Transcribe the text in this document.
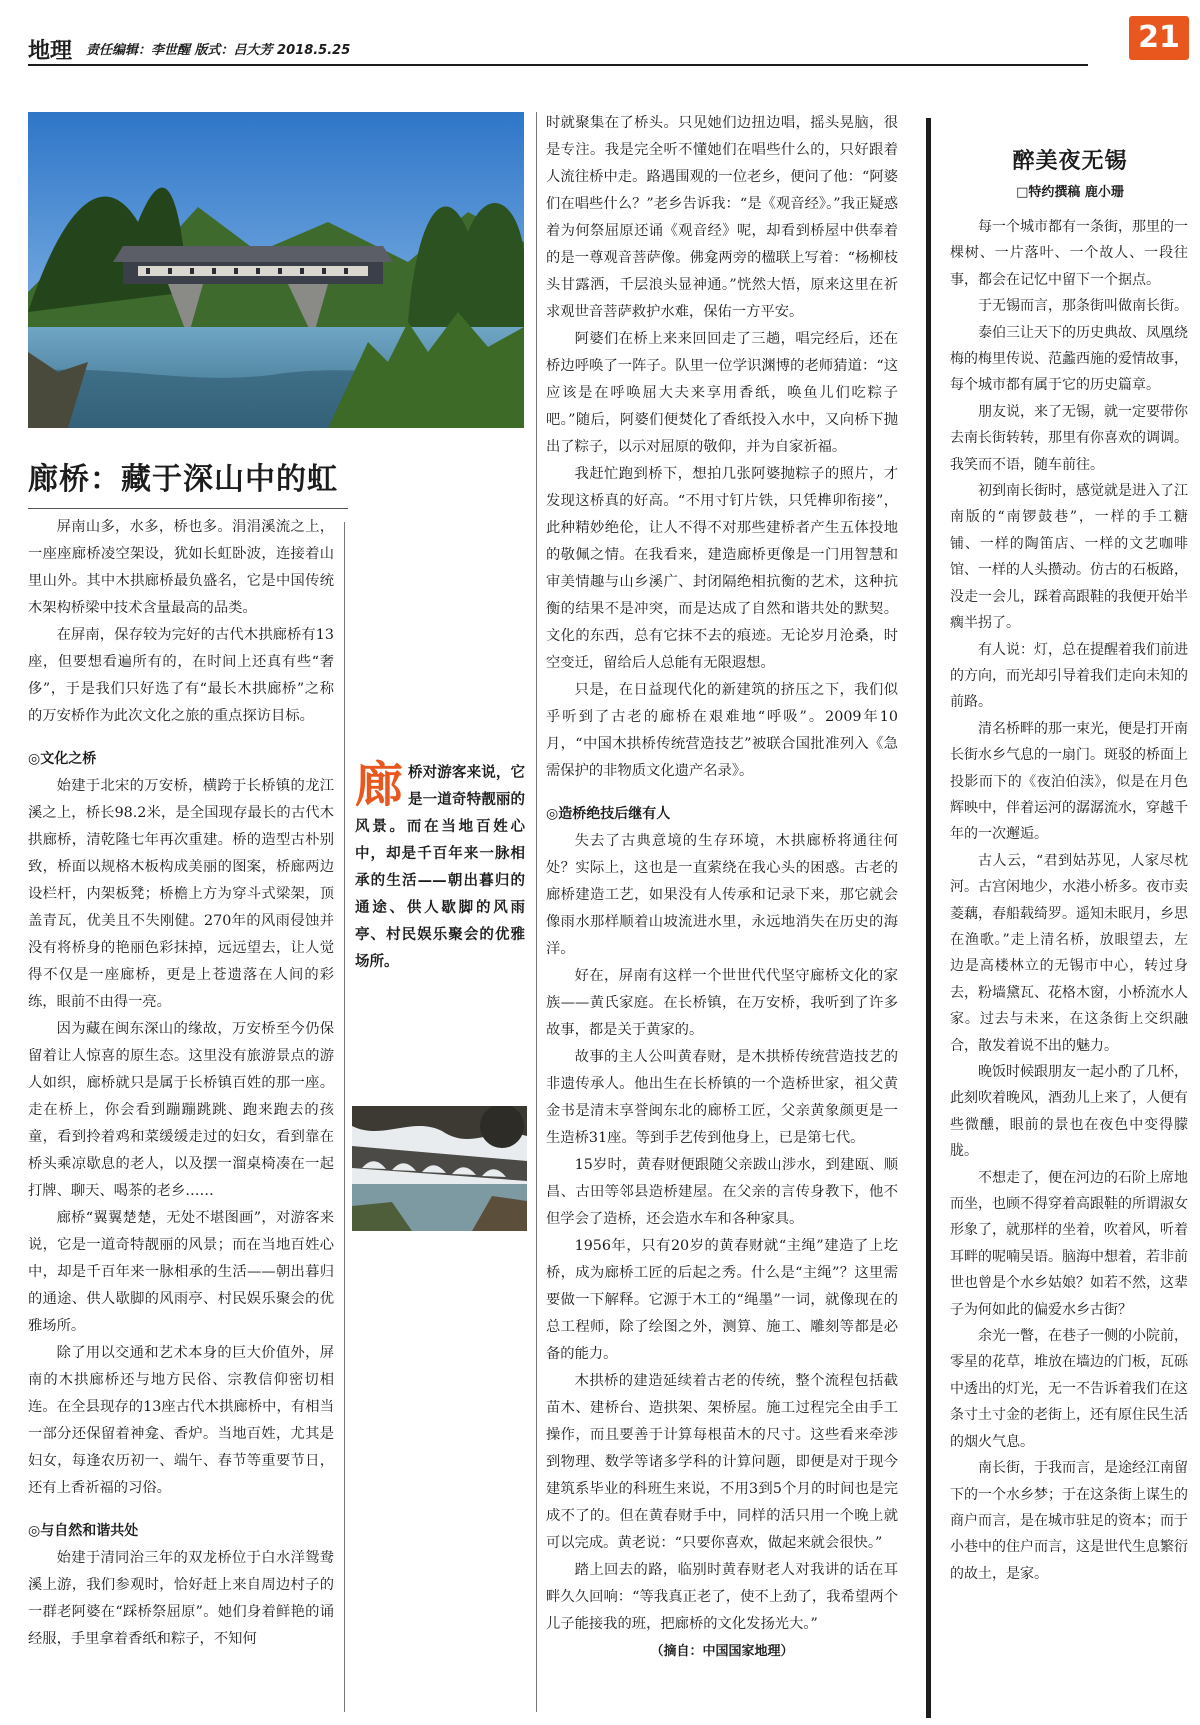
地理 责任编辑：李世醒 版式：吕大芳 2018.5.25	21
廊桥：藏于深山中的虹

屏南山多，水多，桥也多。涓涓溪流之上，一座座廊桥凌空架设，犹如长虹卧波，连接着山里山外。其中木拱廊桥最负盛名，它是中国传统木架构桥梁中技术含量最高的品类。

在屏南，保存较为完好的古代木拱廊桥有13座，但要想看遍所有的，在时间上还真有些“奢侈”，于是我们只好选了有“最长木拱廊桥”之称的万安桥作为此次文化之旅的重点探访目标。

◎文化之桥

始建于北宋的万安桥，横跨于长桥镇的龙江溪之上，桥长98.2米，是全国现存最长的古代木拱廊桥，清乾隆七年再次重建。桥的造型古朴别致，桥面以规格木板构成美丽的图案，桥廊两边设栏杆，内架板凳；桥檐上方为穿斗式梁架，顶盖青瓦，优美且不失刚健。270年的风雨侵蚀并没有将桥身的艳丽色彩抹掉，远远望去，让人觉得不仅是一座廊桥，更是上苍遗落在人间的彩练，眼前不由得一亮。

因为藏在闽东深山的缘故，万安桥至今仍保留着让人惊喜的原生态。这里没有旅游景点的游人如织，廊桥就只是属于长桥镇百姓的那一座。走在桥上，你会看到蹦蹦跳跳、跑来跑去的孩童，看到拎着鸡和菜缓缓走过的妇女，看到靠在桥头乘凉歇息的老人，以及摆一溜桌椅凑在一起打牌、聊天、喝茶的老乡……

廊桥“翼翼楚楚，无处不堪图画”，对游客来说，它是一道奇特靓丽的风景；而在当地百姓心中，却是千百年来一脉相承的生活——朝出暮归的通途、供人歇脚的风雨亭、村民娱乐聚会的优雅场所。

除了用以交通和艺术本身的巨大价值外，屏南的木拱廊桥还与地方民俗、宗教信仰密切相连。在全县现存的13座古代木拱廊桥中，有相当一部分还保留着神龛、香炉。当地百姓，尤其是妇女，每逢农历初一、端午、春节等重要节日，还有上香祈福的习俗。

◎与自然和谐共处

始建于清同治三年的双龙桥位于白水洋鸳鸯溪上游，我们参观时，恰好赶上来自周边村子的一群老阿婆在“踩桥祭屈原”。她们身着鲜艳的诵经服，手里拿着香纸和粽子，不知何

时就聚集在了桥头。只见她们边扭边唱，摇头晃脑，很是专注。我是完全听不懂她们在唱些什么的，只好跟着人流往桥中走。路遇围观的一位老乡，便问了他：“阿婆们在唱些什么？”老乡告诉我：“是《观音经》。”我正疑惑着为何祭屈原还诵《观音经》呢，却看到桥屋中供奉着的是一尊观音菩萨像。佛龛两旁的楹联上写着：“杨柳枝头甘露洒，千层浪头显神通。”恍然大悟，原来这里在祈求观世音菩萨救护水难，保佑一方平安。

阿婆们在桥上来来回回走了三趟，唱完经后，还在桥边呼唤了一阵子。队里一位学识渊博的老师猜道：“这应该是在呼唤屈大夫来享用香纸，唤鱼儿们吃粽子吧。”随后，阿婆们便焚化了香纸投入水中，又向桥下抛出了粽子，以示对屈原的敬仰，并为自家祈福。

我赶忙跑到桥下，想拍几张阿婆抛粽子的照片，才发现这桥真的好高。“不用寸钉片铁，只凭榫卯衔接”，此种精妙绝伦，让人不得不对那些建桥者产生五体投地的敬佩之情。在我看来，建造廊桥更像是一门用智慧和审美情趣与山乡溪广、封闭隔绝相抗衡的艺术，这种抗衡的结果不是冲突，而是达成了自然和谐共处的默契。文化的东西，总有它抹不去的痕迹。无论岁月沧桑，时空变迁，留给后人总能有无限遐想。

只是，在日益现代化的新建筑的挤压之下，我们似乎听到了古老的廊桥在艰难地“呼吸”。2009年10月，“中国木拱桥传统营造技艺”被联合国批准列入《急需保护的非物质文化遗产名录》。

◎造桥绝技后继有人

失去了古典意境的生存环境，木拱廊桥将通往何处？实际上，这也是一直萦绕在我心头的困惑。古老的廊桥建造工艺，如果没有人传承和记录下来，那它就会像雨水那样顺着山坡流进水里，永远地消失在历史的海洋。

好在，屏南有这样一个世世代代坚守廊桥文化的家族——黄氏家庭。在长桥镇，在万安桥，我听到了许多故事，都是关于黄家的。

故事的主人公叫黄春财，是木拱桥传统营造技艺的非遗传承人。他出生在长桥镇的一个造桥世家，祖父黄金书是清末享誉闽东北的廊桥工匠，父亲黄象颜更是一生造桥31座。等到手艺传到他身上，已是第七代。

15岁时，黄春财便跟随父亲跋山涉水，到建瓯、顺昌、古田等邻县造桥建屋。在父亲的言传身教下，他不但学会了造桥，还会造水车和各种家具。

1956年，只有20岁的黄春财就“主绳”建造了上圪桥，成为廊桥工匠的后起之秀。什么是“主绳”？这里需要做一下解释。它源于木工的“绳墨”一词，就像现在的总工程师，除了绘图之外，测算、施工、雕刻等都是必备的能力。

木拱桥的建造延续着古老的传统，整个流程包括截苗木、建桥台、造拱架、架桥屋。施工过程完全由手工操作，而且要善于计算每根苗木的尺寸。这些看来牵涉到物理、数学等诸多学科的计算问题，即便是对于现今建筑系毕业的科班生来说，不用3到5个月的时间也是完成不了的。但在黄春财手中，同样的活只用一个晚上就可以完成。黄老说：“只要你喜欢，做起来就会很快。”

踏上回去的路，临别时黄春财老人对我讲的话在耳畔久久回响：“等我真正老了，使不上劲了，我希望两个儿子能接我的班，把廊桥的文化发扬光大。”

（摘自：中国国家地理）

廊桥对游客来说，它是一道奇特靓丽的风景。而在当地百姓心中，却是千百年来一脉相承的生活——朝出暮归的通途、供人歇脚的风雨亭、村民娱乐聚会的优雅场所。
醉美夜无锡
□特约撰稿 鹿小珊

每一个城市都有一条街，那里的一棵树、一片落叶、一个故人、一段往事，都会在记忆中留下一个据点。

于无锡而言，那条街叫做南长街。

泰伯三让天下的历史典故、凤凰绕梅的梅里传说、范蠡西施的爱情故事，每个城市都有属于它的历史篇章。

朋友说，来了无锡，就一定要带你去南长街转转，那里有你喜欢的调调。我笑而不语，随车前往。

初到南长街时，感觉就是进入了江南版的“南锣鼓巷”，一样的手工糖铺、一样的陶笛店、一样的文艺咖啡馆、一样的人头攒动。仿古的石板路，没走一会儿，踩着高跟鞋的我便开始半瘸半拐了。

有人说：灯，总在提醒着我们前进的方向，而光却引导着我们走向未知的前路。

清名桥畔的那一束光，便是打开南长街水乡气息的一扇门。斑驳的桥面上投影而下的《夜泊伯渎》，似是在月色辉映中，伴着运河的潺潺流水，穿越千年的一次邂逅。

古人云，“君到姑苏见，人家尽枕河。古宫闲地少，水港小桥多。夜市卖菱藕，春船载绮罗。遥知未眠月，乡思在渔歌。”走上清名桥，放眼望去，左边是高楼林立的无锡市中心，转过身去，粉墙黛瓦、花格木窗，小桥流水人家。过去与未来，在这条街上交织融合，散发着说不出的魅力。

晚饭时候跟朋友一起小酌了几杯，此刻吹着晚风，酒劲儿上来了，人便有些微醺，眼前的景也在夜色中变得朦胧。

不想走了，便在河边的石阶上席地而坐，也顾不得穿着高跟鞋的所谓淑女形象了，就那样的坐着，吹着风，听着耳畔的呢喃吴语。脑海中想着，若非前世也曾是个水乡姑娘？如若不然，这辈子为何如此的偏爱水乡古街？

余光一瞥，在巷子一侧的小院前，零星的花草，堆放在墙边的门板，瓦砾中透出的灯光，无一不告诉着我们在这条寸土寸金的老街上，还有原住民生活的烟火气息。

南长街，于我而言，是途经江南留下的一个水乡梦；于在这条街上谋生的商户而言，是在城市驻足的资本；而于小巷中的住户而言，这是世代生息繁衍的故土，是家。
